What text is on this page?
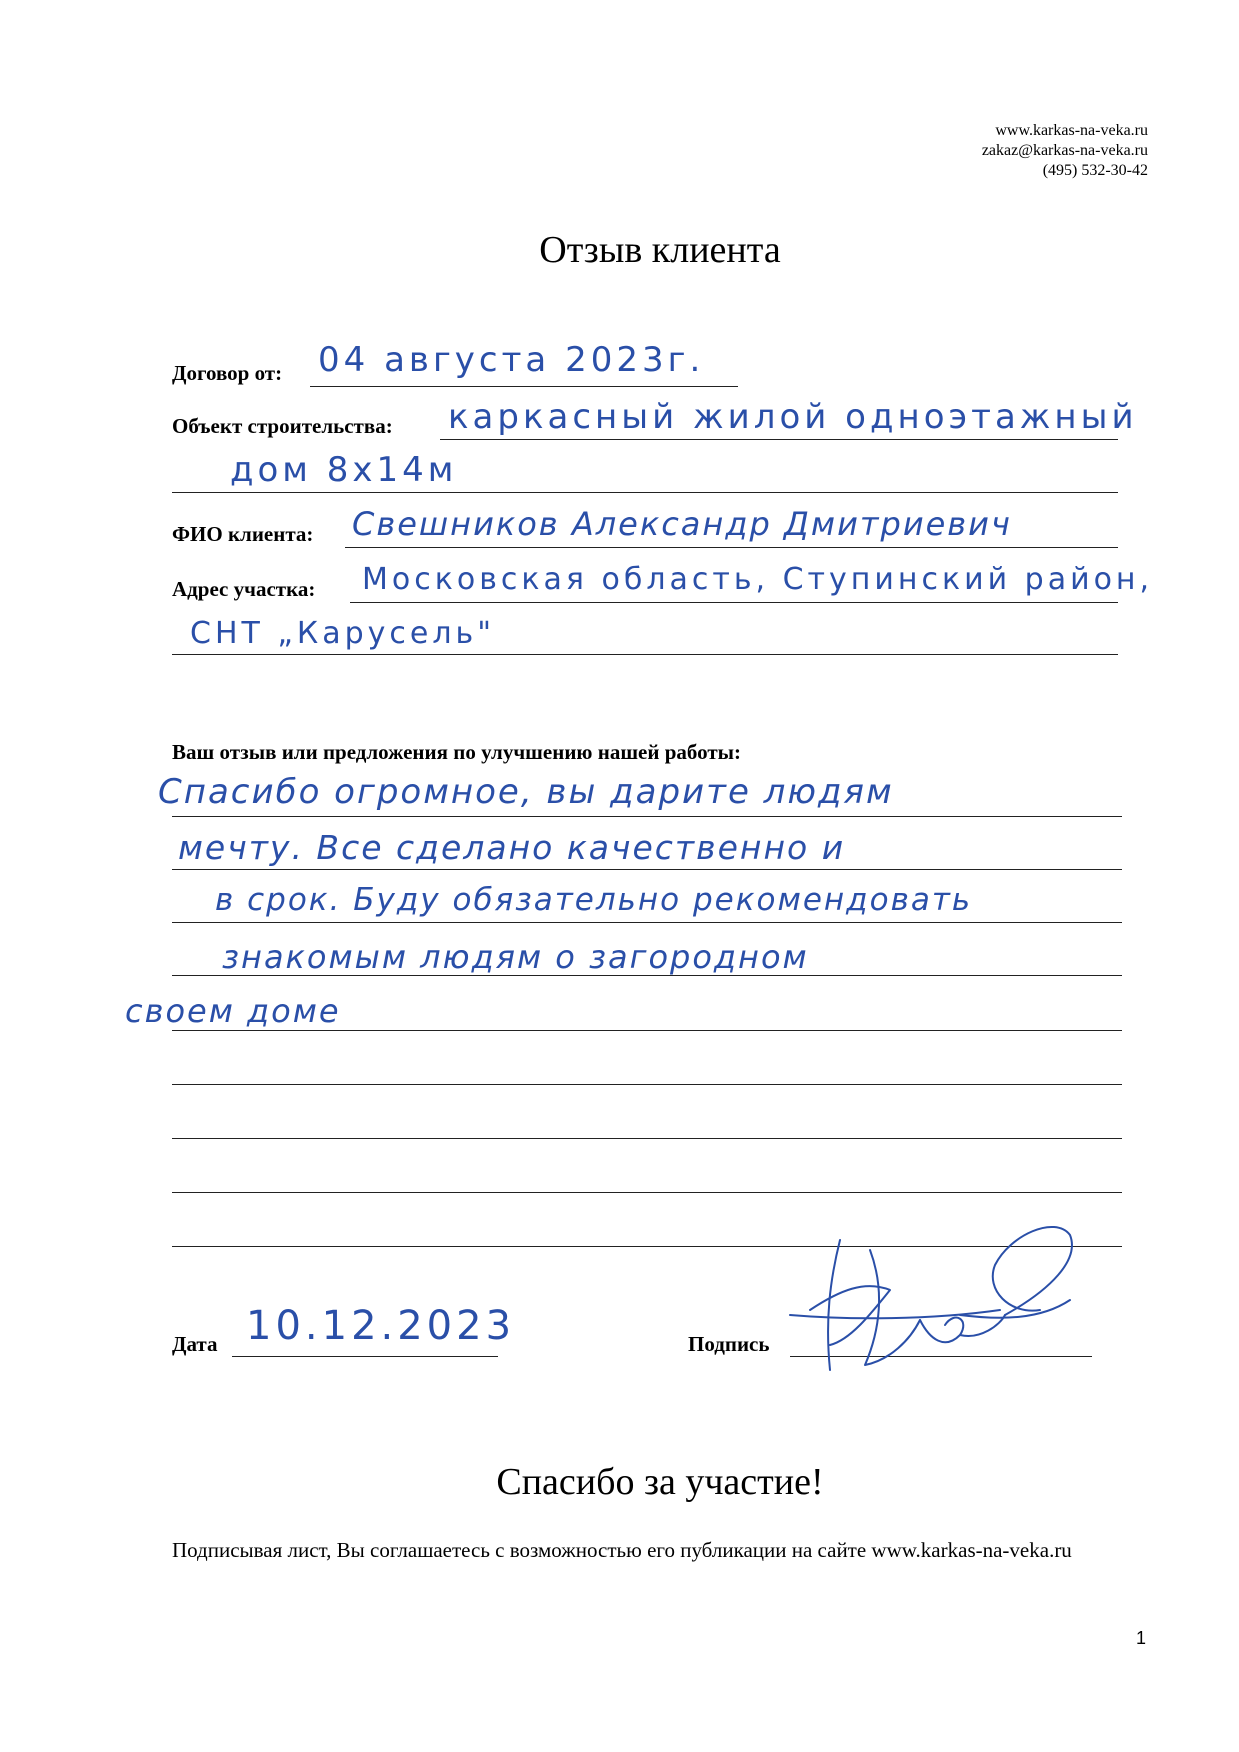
www.karkas-na-veka.ru
zakaz@karkas-na-veka.ru
(495) 532-30-42
Отзыв клиента
Договор от: 04 августа 2023г.
Объект строительства: каркасный жилой одноэтажный
дом 8х14м
ФИО клиента: Свешников Александр Дмитриевич
Адрес участка: Московская область, Ступинский район,
СНТ „Карусель"
Ваш отзыв или предложения по улучшению нашей работы:
Спасибо огромное, вы дарите людям
мечту. Все сделано качественно и
в срок. Буду обязательно рекомендовать
знакомым людям о загородном
своем доме
Дата 10.12.2023	Подпись
Спасибо за участие!
Подписывая лист, Вы соглашаетесь с возможностью его публикации на сайте www.karkas-na-veka.ru
1
